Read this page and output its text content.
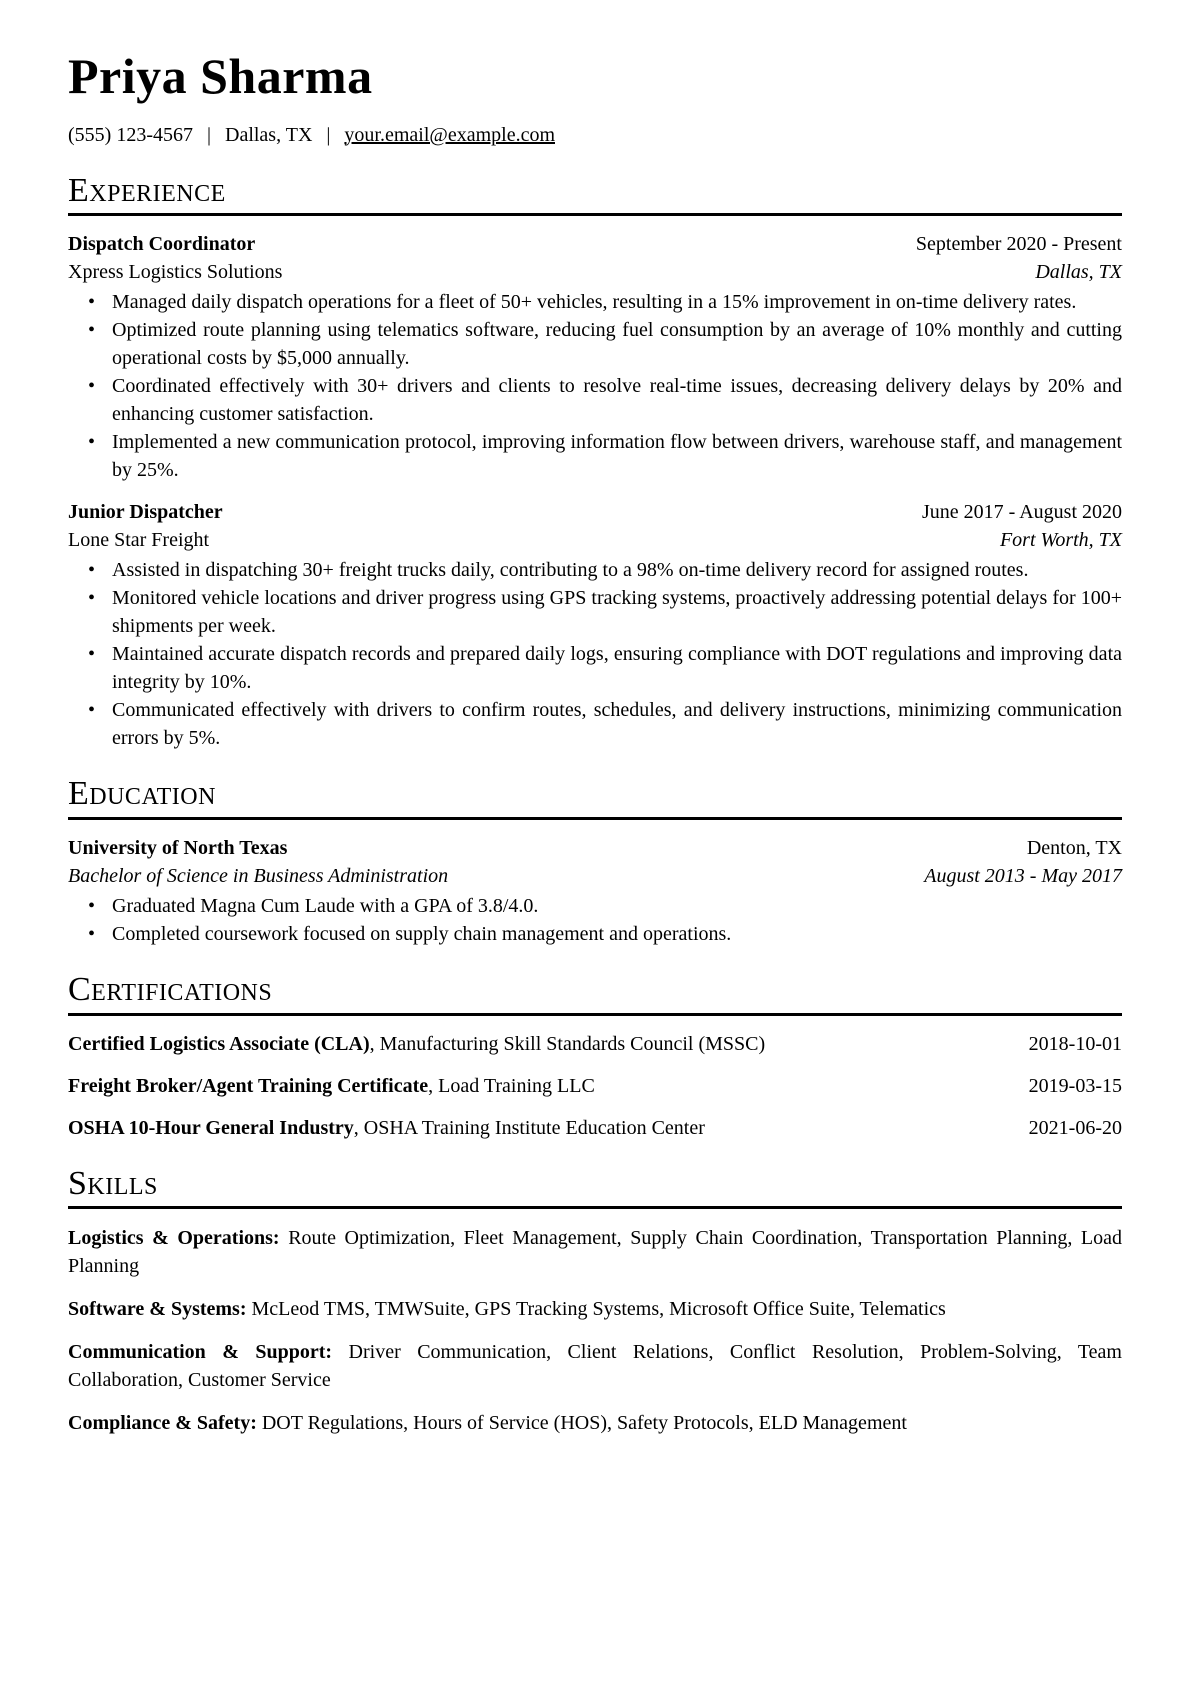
Priya Sharma
(555) 123-4567 | Dallas, TX | your.email@example.com
Experience
Dispatch Coordinator	September 2020 - Present
Xpress Logistics Solutions	Dallas, TX
• Managed daily dispatch operations for a fleet of 50+ vehicles, resulting in a 15% improvement in on-time delivery rates.
• Optimized route planning using telematics software, reducing fuel consumption by an average of 10% monthly and cutting operational costs by $5,000 annually.
• Coordinated effectively with 30+ drivers and clients to resolve real-time issues, decreasing delivery delays by 20% and enhancing customer satisfaction.
• Implemented a new communication protocol, improving information flow between drivers, warehouse staff, and management by 25%.
Junior Dispatcher	June 2017 - August 2020
Lone Star Freight	Fort Worth, TX
• Assisted in dispatching 30+ freight trucks daily, contributing to a 98% on-time delivery record for assigned routes.
• Monitored vehicle locations and driver progress using GPS tracking systems, proactively addressing potential delays for 100+ shipments per week.
• Maintained accurate dispatch records and prepared daily logs, ensuring compliance with DOT regulations and improving data integrity by 10%.
• Communicated effectively with drivers to confirm routes, schedules, and delivery instructions, minimizing communication errors by 5%.
Education
University of North Texas	Denton, TX
Bachelor of Science in Business Administration	August 2013 - May 2017
• Graduated Magna Cum Laude with a GPA of 3.8/4.0.
• Completed coursework focused on supply chain management and operations.
Certifications
Certified Logistics Associate (CLA), Manufacturing Skill Standards Council (MSSC)	2018-10-01
Freight Broker/Agent Training Certificate, Load Training LLC	2019-03-15
OSHA 10-Hour General Industry, OSHA Training Institute Education Center	2021-06-20
Skills
Logistics & Operations: Route Optimization, Fleet Management, Supply Chain Coordination, Transportation Planning, Load Planning
Software & Systems: McLeod TMS, TMWSuite, GPS Tracking Systems, Microsoft Office Suite, Telematics
Communication & Support: Driver Communication, Client Relations, Conflict Resolution, Problem-Solving, Team Collaboration, Customer Service
Compliance & Safety: DOT Regulations, Hours of Service (HOS), Safety Protocols, ELD Management
